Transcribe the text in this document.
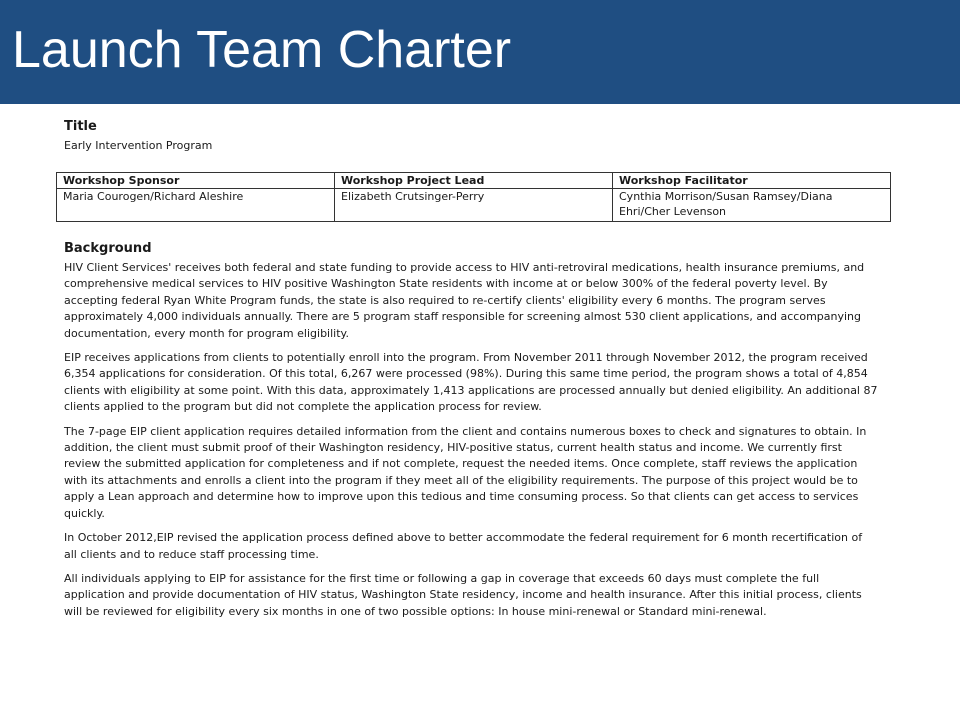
Launch Team Charter

Title

Early Intervention Program

Workshop Sponsor	Workshop Project Lead	Workshop Facilitator
Maria Courogen/Richard Aleshire	Elizabeth Crutsinger-Perry	Cynthia Morrison/Susan Ramsey/Diana Ehri/Cher Levenson

Background

HIV Client Services' receives both federal and state funding to provide access to HIV anti-retroviral medications, health insurance premiums, and comprehensive medical services to HIV positive Washington State residents with income at or below 300% of the federal poverty level. By accepting federal Ryan White Program funds, the state is also required to re-certify clients' eligibility every 6 months. The program serves approximately 4,000 individuals annually. There are 5 program staff responsible for screening almost 530 client applications, and accompanying documentation, every month for program eligibility.

EIP receives applications from clients to potentially enroll into the program. From November 2011 through November 2012, the program received 6,354 applications for consideration. Of this total, 6,267 were processed (98%). During this same time period, the program shows a total of 4,854 clients with eligibility at some point. With this data, approximately 1,413 applications are processed annually but denied eligibility. An additional 87 clients applied to the program but did not complete the application process for review.

The 7-page EIP client application requires detailed information from the client and contains numerous boxes to check and signatures to obtain. In addition, the client must submit proof of their Washington residency, HIV-positive status, current health status and income. We currently first review the submitted application for completeness and if not complete, request the needed items. Once complete, staff reviews the application with its attachments and enrolls a client into the program if they meet all of the eligibility requirements. The purpose of this project would be to apply a Lean approach and determine how to improve upon this tedious and time consuming process. So that clients can get access to services quickly.

In October 2012,EIP revised the application process defined above to better accommodate the federal requirement for 6 month recertification of all clients and to reduce staff processing time.

All individuals applying to EIP for assistance for the first time or following a gap in coverage that exceeds 60 days must complete the full application and provide documentation of HIV status, Washington State residency, income and health insurance. After this initial process, clients will be reviewed for eligibility every six months in one of two possible options: In house mini-renewal or Standard mini-renewal.
